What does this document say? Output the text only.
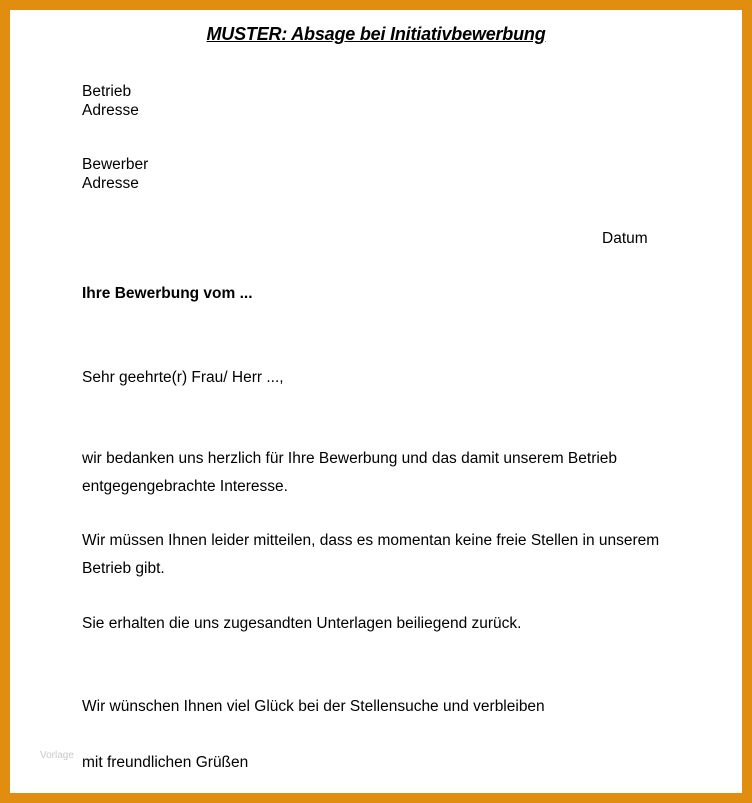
MUSTER: Absage bei Initiativbewerbung
Betrieb
Adresse
Bewerber
Adresse
Datum
Ihre Bewerbung vom ...
Sehr geehrte(r) Frau/ Herr ...,
wir bedanken uns herzlich für Ihre Bewerbung und das damit unserem Betrieb entgegengebrachte Interesse.
Wir müssen Ihnen leider mitteilen, dass es momentan keine freie Stellen in unserem Betrieb gibt.
Sie erhalten die uns zugesandten Unterlagen beiliegend zurück.
Wir wünschen Ihnen viel Glück bei der Stellensuche und verbleiben
mit freundlichen Grüßen
Vorlage
